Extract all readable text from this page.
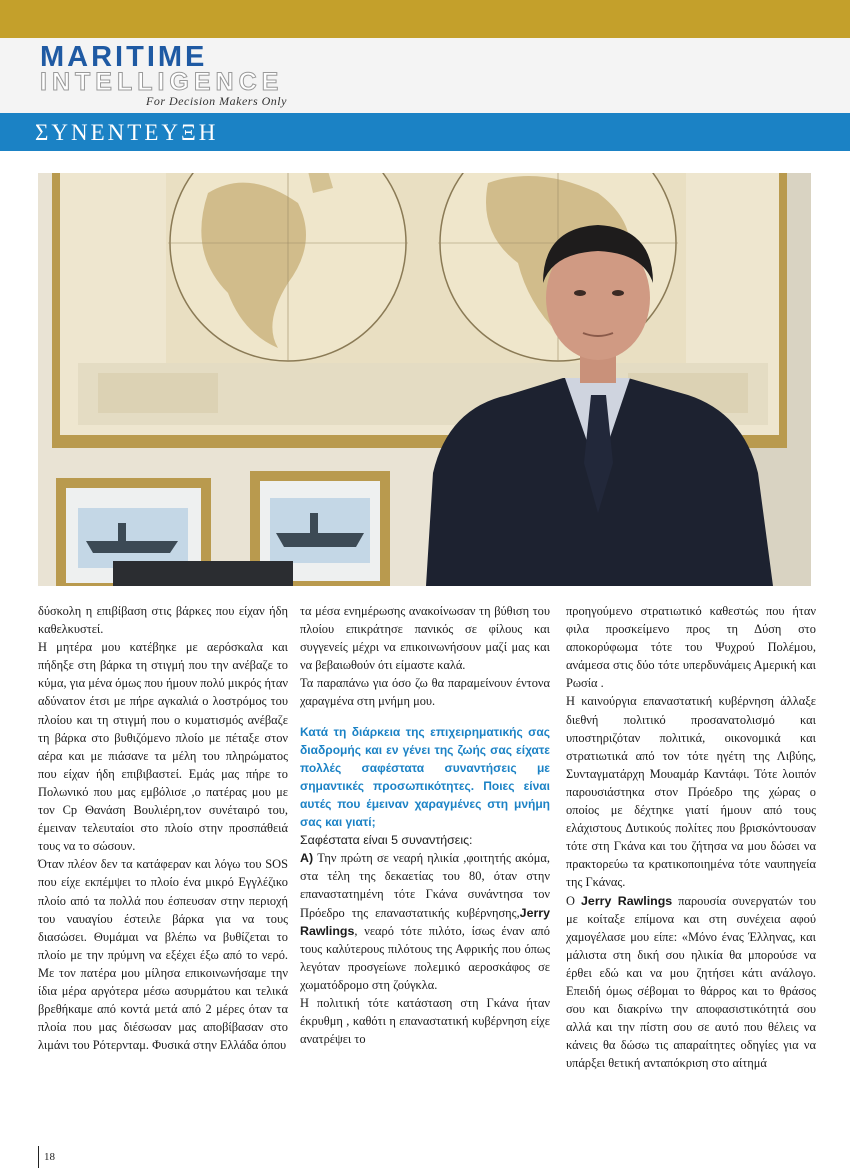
MARITIME
INTELLIGENCE
For Decision Makers Only
ΣΥΝΕΝΤΕΥΞΗ

δύσκολη η επιβίβαση στις βάρκες που είχαν ήδη καθελκυστεί.

Η μητέρα μου κατέβηκε με αερόσκαλα και πήδηξε στη βάρκα τη στιγμή που την ανέβαζε το κύμα, για μένα όμως που ήμουν πολύ μικρός ήταν αδύνατον έτσι με πήρε αγκαλιά ο λοστρόμος του πλοίου και τη στιγμή που ο κυματισμός ανέβαζε τη βάρκα στο βυθιζόμενο πλοίο με πέταξε στον αέρα και με πιάσανε τα μέλη του πληρώματος που είχαν ήδη επιβιβαστεί. Εμάς μας πήρε το Πολωνικό που μας εμβόλισε ,ο πατέρας μου με τον Cp Θανάση Βουλιέρη,τον συνέταιρό του, έμειναν τελευταίοι στο πλοίο στην προσπάθειά τους να το σώσουν.

Όταν πλέον δεν τα κατάφεραν και λόγω του SOS που είχε εκπέμψει το πλοίο ένα μικρό Εγγλέζικο πλοίο από τα πολλά που έσπευσαν στην περιοχή του ναυαγίου έστειλε βάρκα για να τους διασώσει. Θυμάμαι να βλέπω να βυθίζεται το πλοίο με την πρύμνη να εξέχει έξω από το νερό. Με τον πατέρα μου μίλησα επικοινωνήσαμε την ίδια μέρα αργότερα μέσω ασυρμάτου και τελικά βρεθήκαμε από κοντά μετά από 2 μέρες όταν τα πλοία που μας διέσωσαν μας αποβίβασαν στο λιμάνι του Ρότερνταμ. Φυσικά στην Ελλάδα όπου

τα μέσα ενημέρωσης ανακοίνωσαν τη βύθιση του πλοίου επικράτησε πανικός σε φίλους και συγγενείς μέχρι να επικοινωνήσουν μαζί μας και να βεβαιωθούν ότι είμαστε καλά.

Τα παραπάνω για όσο ζω θα παραμείνουν έντονα χαραγμένα στη μνήμη μου.

Κατά τη διάρκεια της επιχειρηματικής σας διαδρομής και εν γένει της ζωής σας είχατε πολλές σαφέστατα συναντήσεις με σημαντικές προσωπικότητες. Ποιες είναι αυτές που έμειναν χαραγμένες στη μνήμη σας και γιατί;

Σαφέστατα είναι 5 συναντήσεις:

A) Την πρώτη σε νεαρή ηλικία ,φοιτητής ακόμα, στα τέλη της δεκαετίας του 80, όταν στην επαναστατημένη τότε Γκάνα συνάντησα τον Πρόεδρο της επαναστατικής κυβέρνησης,Jerry Rawlings, νεαρό τότε πιλότο, ίσως έναν από τους καλύτερους πιλότους της Αφρικής που όπως λεγόταν προσγείωνε πολεμικό αεροσκάφος σε χωματόδρομο στη ζούγκλα.

Η πολιτική τότε κατάσταση στη Γκάνα ήταν έκρυθμη , καθότι η επαναστατική κυβέρνηση είχε ανατρέψει το

προηγούμενο στρατιωτικό καθεστώς που ήταν φιλα προσκείμενο προς τη Δύση στο αποκορύφωμα τότε του Ψυχρού Πολέμου, ανάμεσα στις δύο τότε υπερδυνάμεις Αμερική και Ρωσία .

Η καινούργια επαναστατική κυβέρνηση άλλαξε διεθνή πολιτικό προσανατολισμό και υποστηριζόταν πολιτικά, οικονομικά και στρατιωτικά από τον τότε ηγέτη της Λιβύης, Συνταγματάρχη Μουαμάρ Καντάφι. Τότε λοιπόν παρουσιάστηκα στον Πρόεδρο της χώρας ο οποίος με δέχτηκε γιατί ήμουν από τους ελάχιστους Δυτικούς πολίτες που βρισκόντουσαν τότε στη Γκάνα και του ζήτησα να μου δώσει να πρακτορεύω τα κρατικοποιημένα τότε ναυπηγεία της Γκάνας.

Ο Jerry Rawlings παρουσία συνεργατών του με κοίταξε επίμονα και στη συνέχεια αφού χαμογέλασε μου είπε: «Μόνο ένας Έλληνας, και μάλιστα στη δική σου ηλικία θα μπορούσε να έρθει εδώ και να μου ζητήσει κάτι ανάλογο. Επειδή όμως σέβομαι το θάρρος και το θράσος σου και διακρίνω την αποφασιστικότητά σου αλλά και την πίστη σου σε αυτό που θέλεις να κάνεις θα δώσω τις απαραίτητες οδηγίες για να υπάρξει θετική ανταπόκριση στο αίτημά

18
